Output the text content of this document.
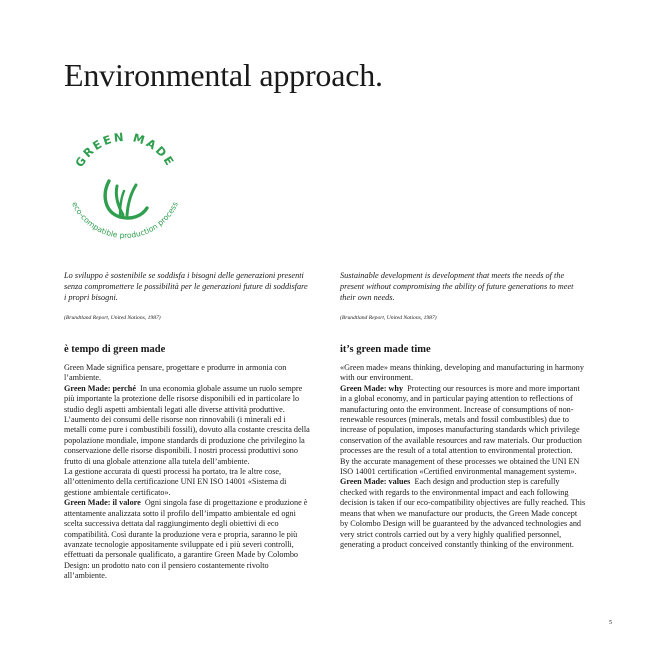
Environmental approach.
GREEN MADE
eco-compatible production process

Lo sviluppo è sostenibile se soddisfa i bisogni delle generazioni presenti senza compromettere le possibilità per le generazioni future di soddisfare i propri bisogni.

(Brundtland Report, United Nations, 1987)

Sustainable development is development that meets the needs of the present without compromising the ability of future generations to meet their own needs.

(Brundtland Report, United Nations, 1987)

è tempo di green made	it’s green made time

Green Made significa pensare, progettare e produrre in armonia con l’ambiente.

Green Made: perché In una economia globale assume un ruolo sempre più importante la protezione delle risorse disponibili ed in particolare lo studio degli aspetti ambientali legati alle diverse attività produttive. L’aumento dei consumi delle risorse non rinnovabili (i minerali ed i metalli come pure i combustibili fossili), dovuto alla costante crescita della popolazione mondiale, impone standards di produzione che privilegino la conservazione delle risorse disponibili. I nostri processi produttivi sono frutto di una globale attenzione alla tutela dell’ambiente.

La gestione accurata di questi processi ha portato, tra le altre cose, all’ottenimento della certificazione UNI EN ISO 14001 «Sistema di gestione ambientale certificato».

Green Made: il valore Ogni singola fase di progettazione e produzione è attentamente analizzata sotto il profilo dell’impatto ambientale ed ogni scelta successiva dettata dal raggiungimento degli obiettivi di eco compatibilità. Così durante la produzione vera e propria, saranno le più avanzate tecnologie appositamente sviluppate ed i più severi controlli, effettuati da personale qualificato, a garantire Green Made by Colombo Design: un prodotto nato con il pensiero costantemente rivolto all’ambiente.

«Green made» means thinking, developing and manufacturing in harmony with our environment.

Green Made: why Protecting our resources is more and more important in a global economy, and in particular paying attention to reflections of manufacturing onto the environment. Increase of consumptions of non-renewable resources (minerals, metals and fossil combustibles) due to increase of population, imposes manufacturing standards which privilege conservation of the available resources and raw materials. Our production processes are the result of a total attention to environmental protection.

By the accurate management of these processes we obtained the UNI EN ISO 14001 certification «Certified environmental management system».

Green Made: values Each design and production step is carefully checked with regards to the environmental impact and each following decision is taken if our eco-compatibility objectives are fully reached. This means that when we manufacture our products, the Green Made concept by Colombo Design will be guaranteed by the advanced technologies and very strict controls carried out by a very highly qualified personnel, generating a product conceived constantly thinking of the environment.

5
